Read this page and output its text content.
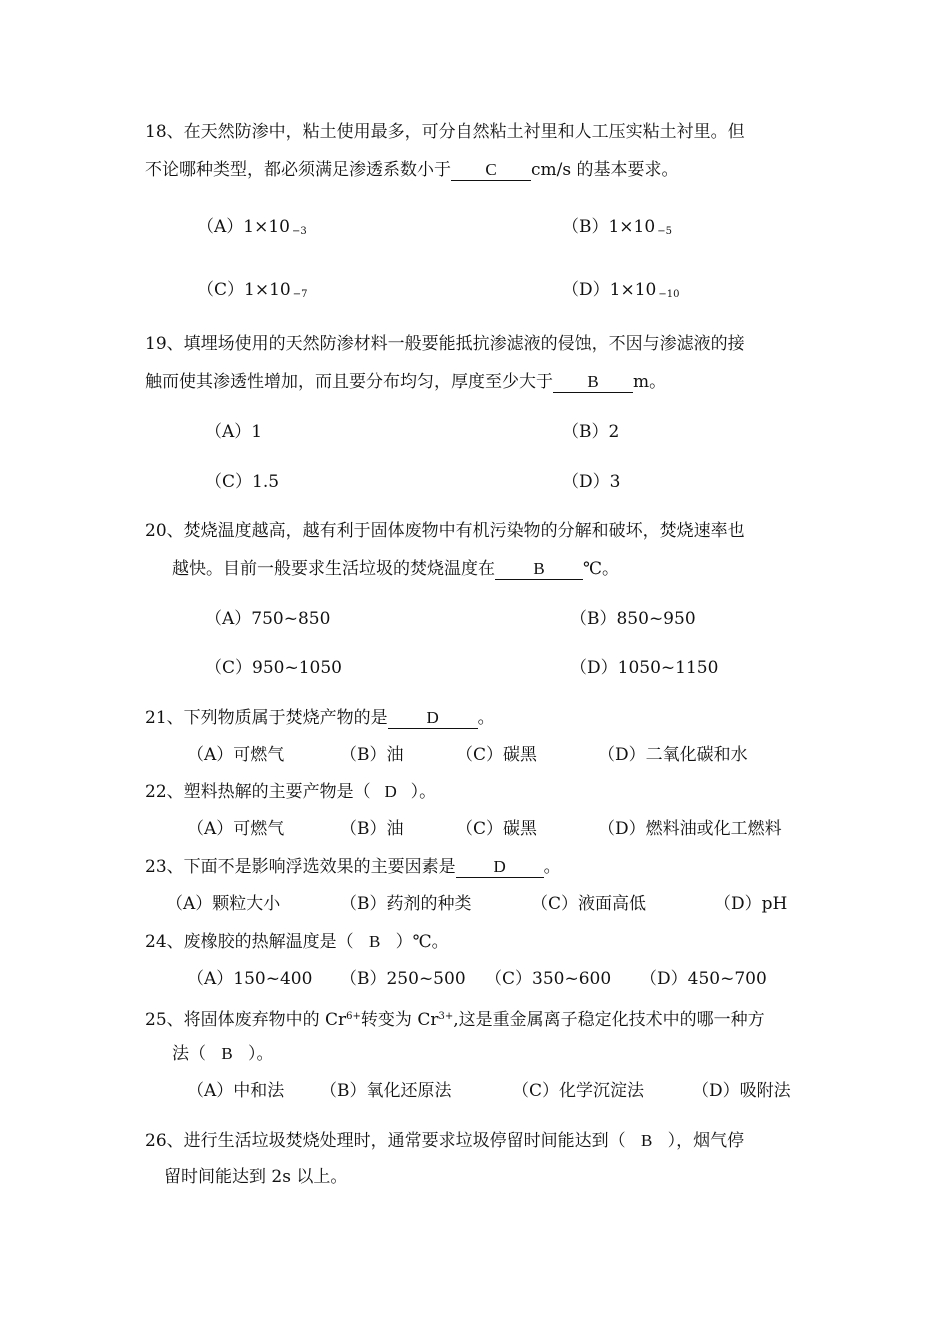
18、在天然防渗中，粘土使用最多，可分自然粘土衬里和人工压实粘土衬里。但
不论哪种类型，都必须满足渗透系数小于 C cm/s 的基本要求。
（A）1×10 $^{-3}$	（B）1×10 $^{-5}$
（C）1×10 $^{-7}$	（D）1×10 $^{-10}$
19、填埋场使用的天然防渗材料一般要能抵抗渗滤液的侵蚀，不因与渗滤液的接
触而使其渗透性增加，而且要分布均匀，厚度至少大于 B m。
（A）1	（B）2
（C）1.5	（D）3
20、焚烧温度越高，越有利于固体废物中有机污染物的分解和破坏，焚烧速率也
越快。目前一般要求生活垃圾的焚烧温度在 B ℃。
（A）750~850	（B）850~950
（C）950~1050	（D）1050~1150
21、下列物质属于焚烧产物的是 D 。
（A）可燃气	（B）油	（C）碳黑	（D）二氧化碳和水
22、塑料热解的主要产物是（ D ）。
（A）可燃气	（B）油	（C）碳黑	（D）燃料油或化工燃料
23、下面不是影响浮选效果的主要因素是 D 。
（A）颗粒大小	（B）药剂的种类	（C）液面高低	（D）pH
24、废橡胶的热解温度是（ B ）℃。
（A）150~400 （B）250~500 （C）350~600 （D）450~700
25、将固体废弃物中的 $Cr^{6+}$转变为 $Cr^{3+}$,这是重金属离子稳定化技术中的哪一种方
法（ B ）。
（A）中和法 （B）氧化还原法	（C）化学沉淀法	（D）吸附法
26、进行生活垃圾焚烧处理时，通常要求垃圾停留时间能达到（ B ），烟气停
留时间能达到 2s 以上。
